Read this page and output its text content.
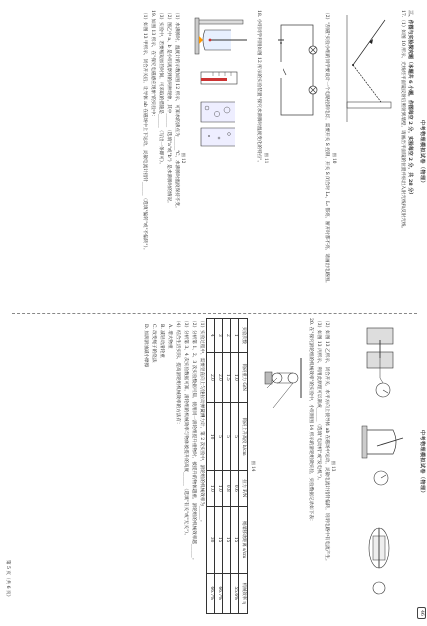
中考物理模拟试卷（物理）
中考物理模拟试卷（物理）
46
三、作图与实验探究题（本题共 6 小题，作图每空 2 分，实验每空 2 分，共 28 分）

17.（1）如图 10 所示，光线经平面镜反射后照射到墙壁，请画出平面镜的位置并标出入射光线和反射光线。

图 10

（2）"刮磁"实验小组的同学要设计一个电路控制电灯，需要开关 S 控制，开关 S 闭合时 L₁、L₂ 都亮，断开时都不亮，请画出电路图。

图 11

18. 小明同学利用如图 12 所示的实验装置"探究水沸腾时温度变化的特点"。

图 12

（1）水沸腾时，温度计的示数如图 12 所示，可知水的沸点为______℃，水沸腾时温度保持不变。

（2）图乙中 a、b 是小明观察到的两种现象，其中______（选填"a"或"b"）是水沸腾时的情况。

（3）实验中，若要缩短加热时间，可采取的措施是______（写出一条即可）。

19. 如图 13 所示，在"探究电磁感应现象"的实验中：

（1）如图 13 甲所示，闭合开关后，让导体 ab 在磁场中上下运动，灵敏电流计指针______（选填"偏转"或"不偏转"）。

图 13

（2）如图 13 乙所示，闭合开关，水平方向上使导体 ab 在磁场中运动，灵敏电流计指针偏转，说明电路中有电流产生。

（3）如图 13 丙所示，利用此原理可以制成______（选填"电动机"或"发电机"）。

20. 在"探究滑轮组的机械效率"的实验中，小明用图 14 所示的滑轮组做实验，实验数据记录如下表：

图 14
实验次数	钩码重力 G/N	钩码上升高度 h/cm	拉力 F/N	绳端移动距离 s/cm	机械效率 η
1	1.0	5	0.6	15	55.6%
2	1.5	5	0.8	15	
3	2.0	5	1.0	15	66.7%
4	2.0	10	1.0	30	66.7%

（1）实验过程中，需要竖直向上匀速拉动弹簧测力计，第 2 次实验中，滑轮组的机械效率为______。

（2）分析第 1、2、3 次实验数据可知，使用同一滑轮组提升重物时，被提升的物体越重，滑轮组的机械效率越______。

（3）分析第 3、4 次实验数据可知，滑轮组的机械效率与物体被提升的高度______（选填"有关"或"无关"）。

（4）结合生活实际，提高滑轮组机械效率的方法有：

A. 增大物重

B. 减轻动滑轮重

C. 改变绳子的绕法

D. 加润滑油减小摩擦

第 5 页（共 6 页）
